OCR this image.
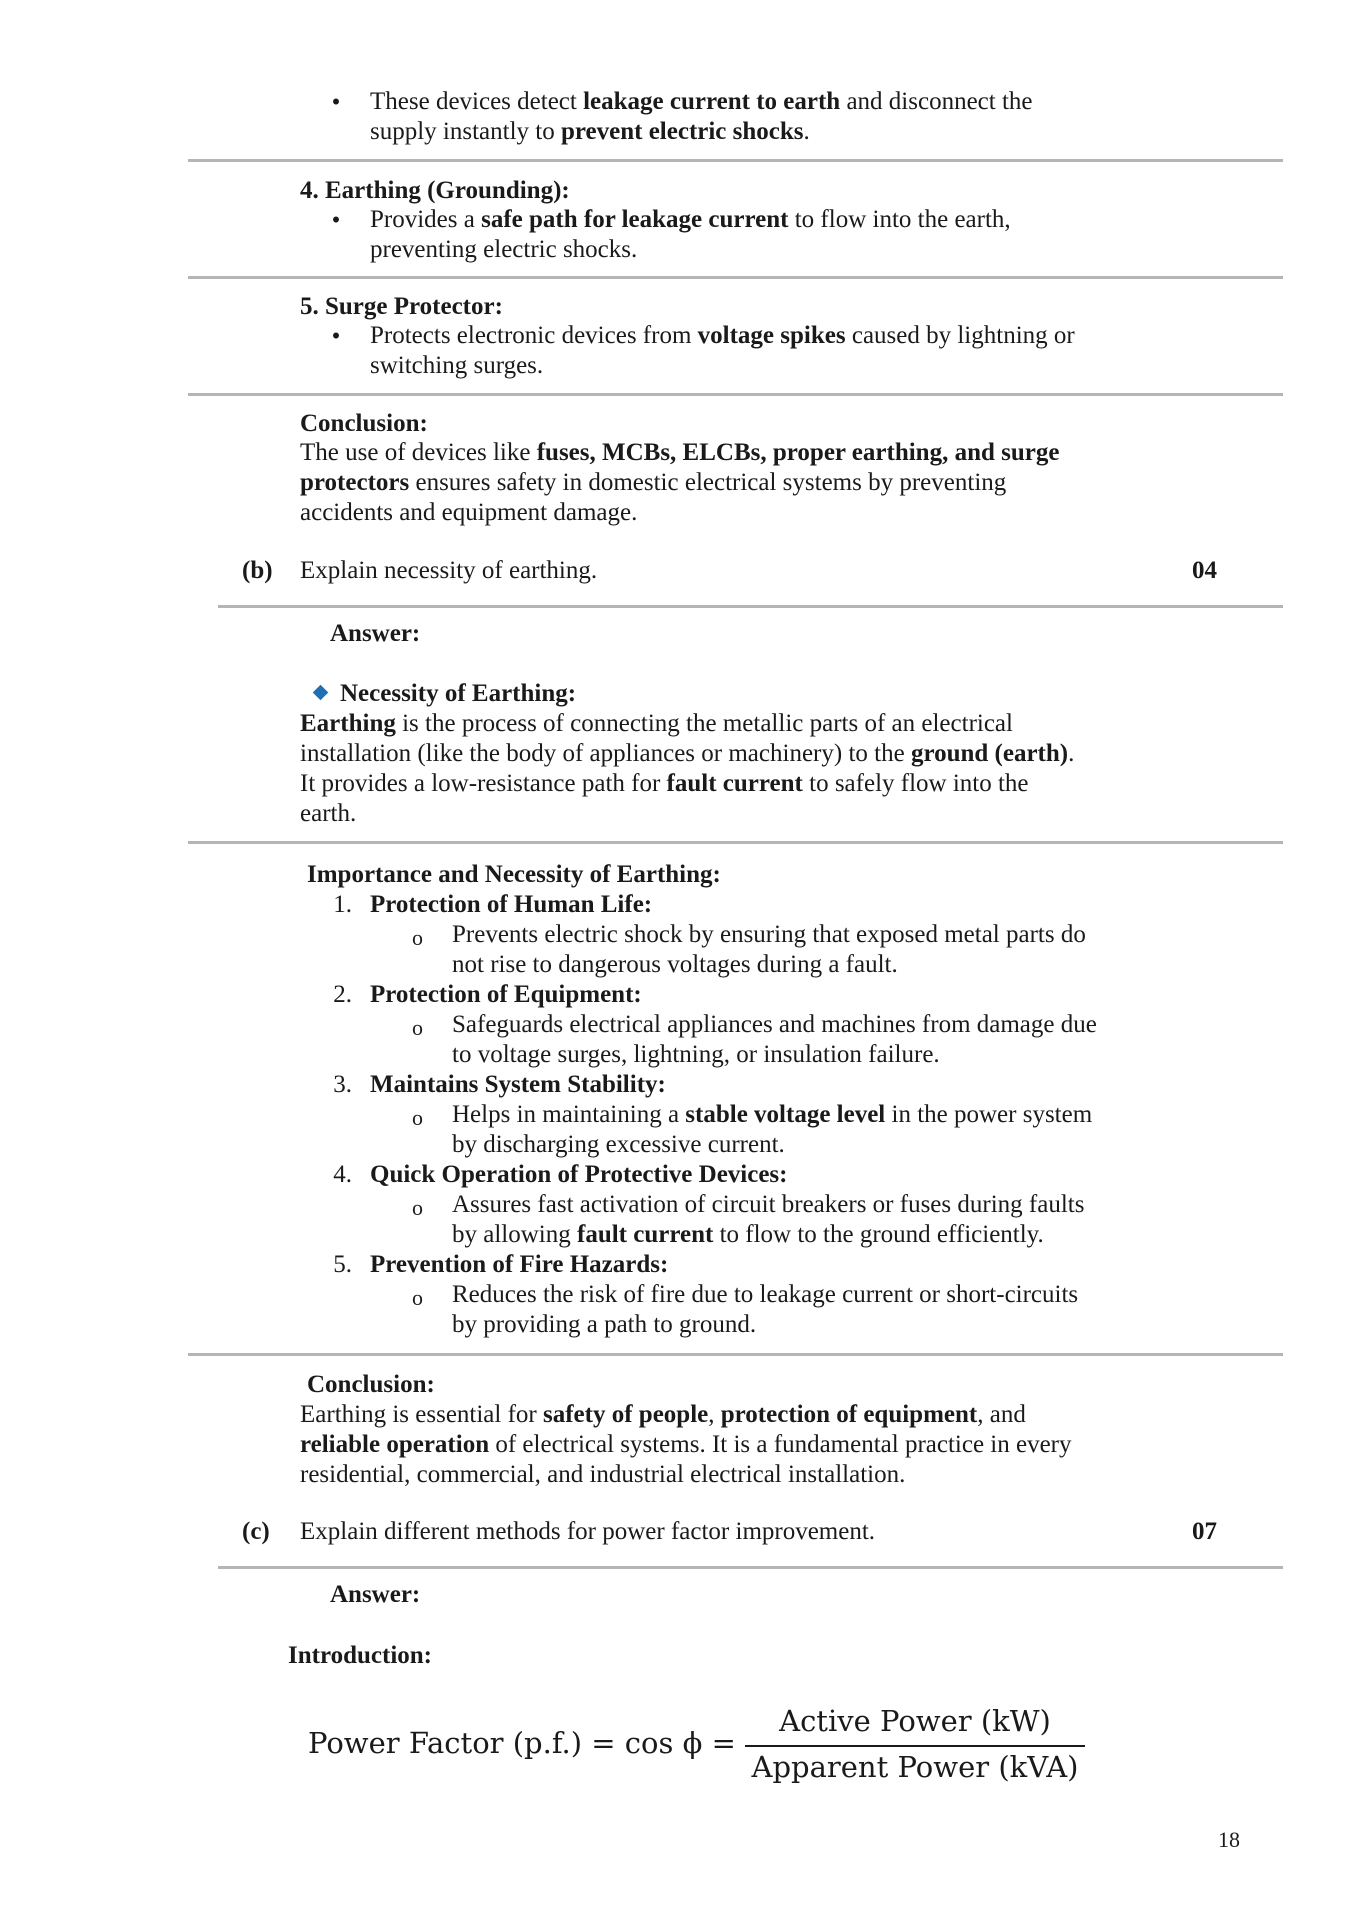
• These devices detect leakage current to earth and disconnect the
supply instantly to prevent electric shocks.
4. Earthing (Grounding):
• Provides a safe path for leakage current to flow into the earth,
preventing electric shocks.
5. Surge Protector:
• Protects electronic devices from voltage spikes caused by lightning or
switching surges.
Conclusion:
The use of devices like fuses, MCBs, ELCBs, proper earthing, and surge
protectors ensures safety in domestic electrical systems by preventing
accidents and equipment damage.
(b) Explain necessity of earthing.	04
Answer:
Necessity of Earthing:
Earthing is the process of connecting the metallic parts of an electrical
installation (like the body of appliances or machinery) to the ground (earth).
It provides a low-resistance path for fault current to safely flow into the
earth.
Importance and Necessity of Earthing:
1. Protection of Human Life:
o Prevents electric shock by ensuring that exposed metal parts do
not rise to dangerous voltages during a fault.
2. Protection of Equipment:
o Safeguards electrical appliances and machines from damage due
to voltage surges, lightning, or insulation failure.
3. Maintains System Stability:
o Helps in maintaining a stable voltage level in the power system
by discharging excessive current.
4. Quick Operation of Protective Devices:
o Assures fast activation of circuit breakers or fuses during faults
by allowing fault current to flow to the ground efficiently.
5. Prevention of Fire Hazards:
o Reduces the risk of fire due to leakage current or short-circuits
by providing a path to ground.
Conclusion:
Earthing is essential for safety of people, protection of equipment, and
reliable operation of electrical systems. It is a fundamental practice in every
residential, commercial, and industrial electrical installation.
(c) Explain different methods for power factor improvement.	07
Answer:
Introduction:
Power Factor (p.f.) = cos ϕ =
Active Power (kW)
Apparent Power (kVA)
18
